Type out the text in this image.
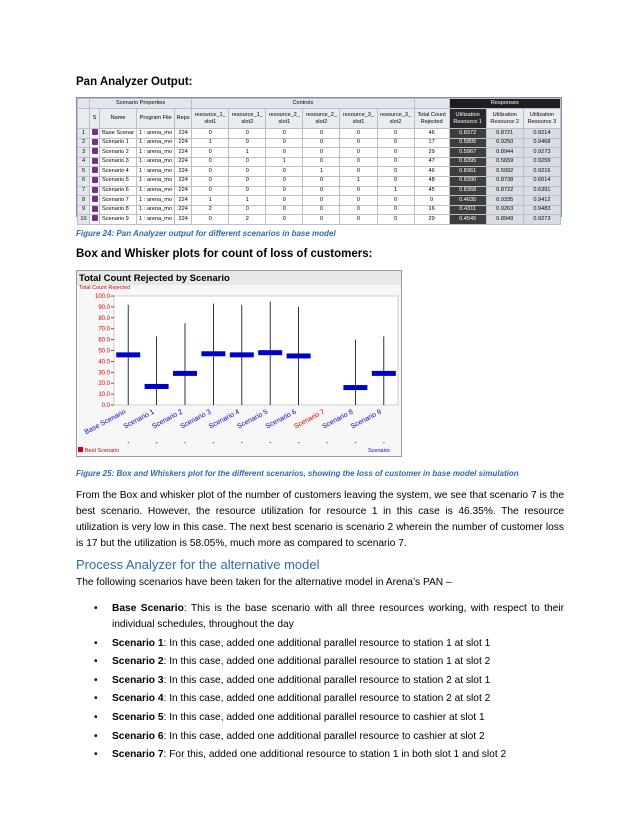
Pan Analyzer Output:
	Scenario Properties				Controls							Responses		
	S	Name	Program File	Reps	resource_1_ slot1	resource_1_ slot2	resource_2_ slot1	resource_2_ slot2	resource_3_ slot1	resource_3_ slot2	Total Count Rejected	Utilization Resource 1	Utilization Resource 2	Utilization Resource 3
1		Base Scenar	1 : arena_mo	224	0	0	0	0	0	0	46	0.8372	0.8721	0.9214
2		Scenario 1	1 : arena_mo	224	1	0	0	0	0	0	17	0.5805	0.9250	0.9468
3		Scenario 2	1 : arena_mo	224	0	1	0	0	0	0	29	0.5967	0.8944	0.9273
4		Scenario 3	1 : arena_mo	224	0	0	1	0	0	0	47	0.8395	0.5659	0.9259
5		Scenario 4	1 : arena_mo	224	0	0	0	1	0	0	46	0.8361	0.5992	0.9216
6		Scenario 5	1 : arena_mo	224	0	0	0	0	1	0	48	0.8390	0.8738	0.6014
7		Scenario 6	1 : arena_mo	224	0	0	0	0	0	1	45	0.8368	0.8722	0.6391
8		Scenario 7	1 : arena_mo	224	1	1	0	0	0	0	0	0.4635	0.9335	0.9412
9		Scenario 8	1 : arena_mo	224	2	0	0	0	0	0	16	0.4311	0.9263	0.9483
10		Scenario 9	1 : arena_mo	224	0	2	0	0	0	0	29	0.4545	0.8949	0.9273
Figure 24: Pan Analyzer output for different scenarios in base model
Box and Whisker plots for count of loss of customers:
Total Count Rejected by Scenario
Total Count Rejected
100.0
90.0
80.0
70.0
60.0
50.0
40.0
30.0
20.0
10.0
0.0
Base Scenario
Scenario 1
Scenario 2
Scenario 3
Scenario 4
Scenario 5
Scenario 6
Scenario 7
Scenario 8
Scenario 9
Best Scenario	Scenario
Figure 25: Box and Whiskers plot for the different scenarios, showing the loss of customer in base model simulation
From the Box and whisker plot of the number of customers leaving the system, we see that scenario 7 is the best scenario. However, the resource utilization for resource 1 in this case is 46.35%. The resource utilization is very low in this case. The next best scenario is scenario 2 wherein the number of customer loss is 17 but the utilization is 58.05%, much more as compared to scenario 7.
Process Analyzer for the alternative model
The following scenarios have been taken for the alternative model in Arena’s PAN –
• Base Scenario: This is the base scenario with all three resources working, with respect to their individual schedules, throughout the day
• Scenario 1: In this case, added one additional parallel resource to station 1 at slot 1
• Scenario 2: In this case, added one additional parallel resource to station 1 at slot 2
• Scenario 3: In this case, added one additional parallel resource to station 2 at slot 1
• Scenario 4: In this case, added one additional parallel resource to station 2 at slot 2
• Scenario 5: In this case, added one additional parallel resource to cashier at slot 1
• Scenario 6: In this case, added one additional parallel resource to cashier at slot 2
• Scenario 7: For this, added one additional resource to station 1 in both slot 1 and slot 2
